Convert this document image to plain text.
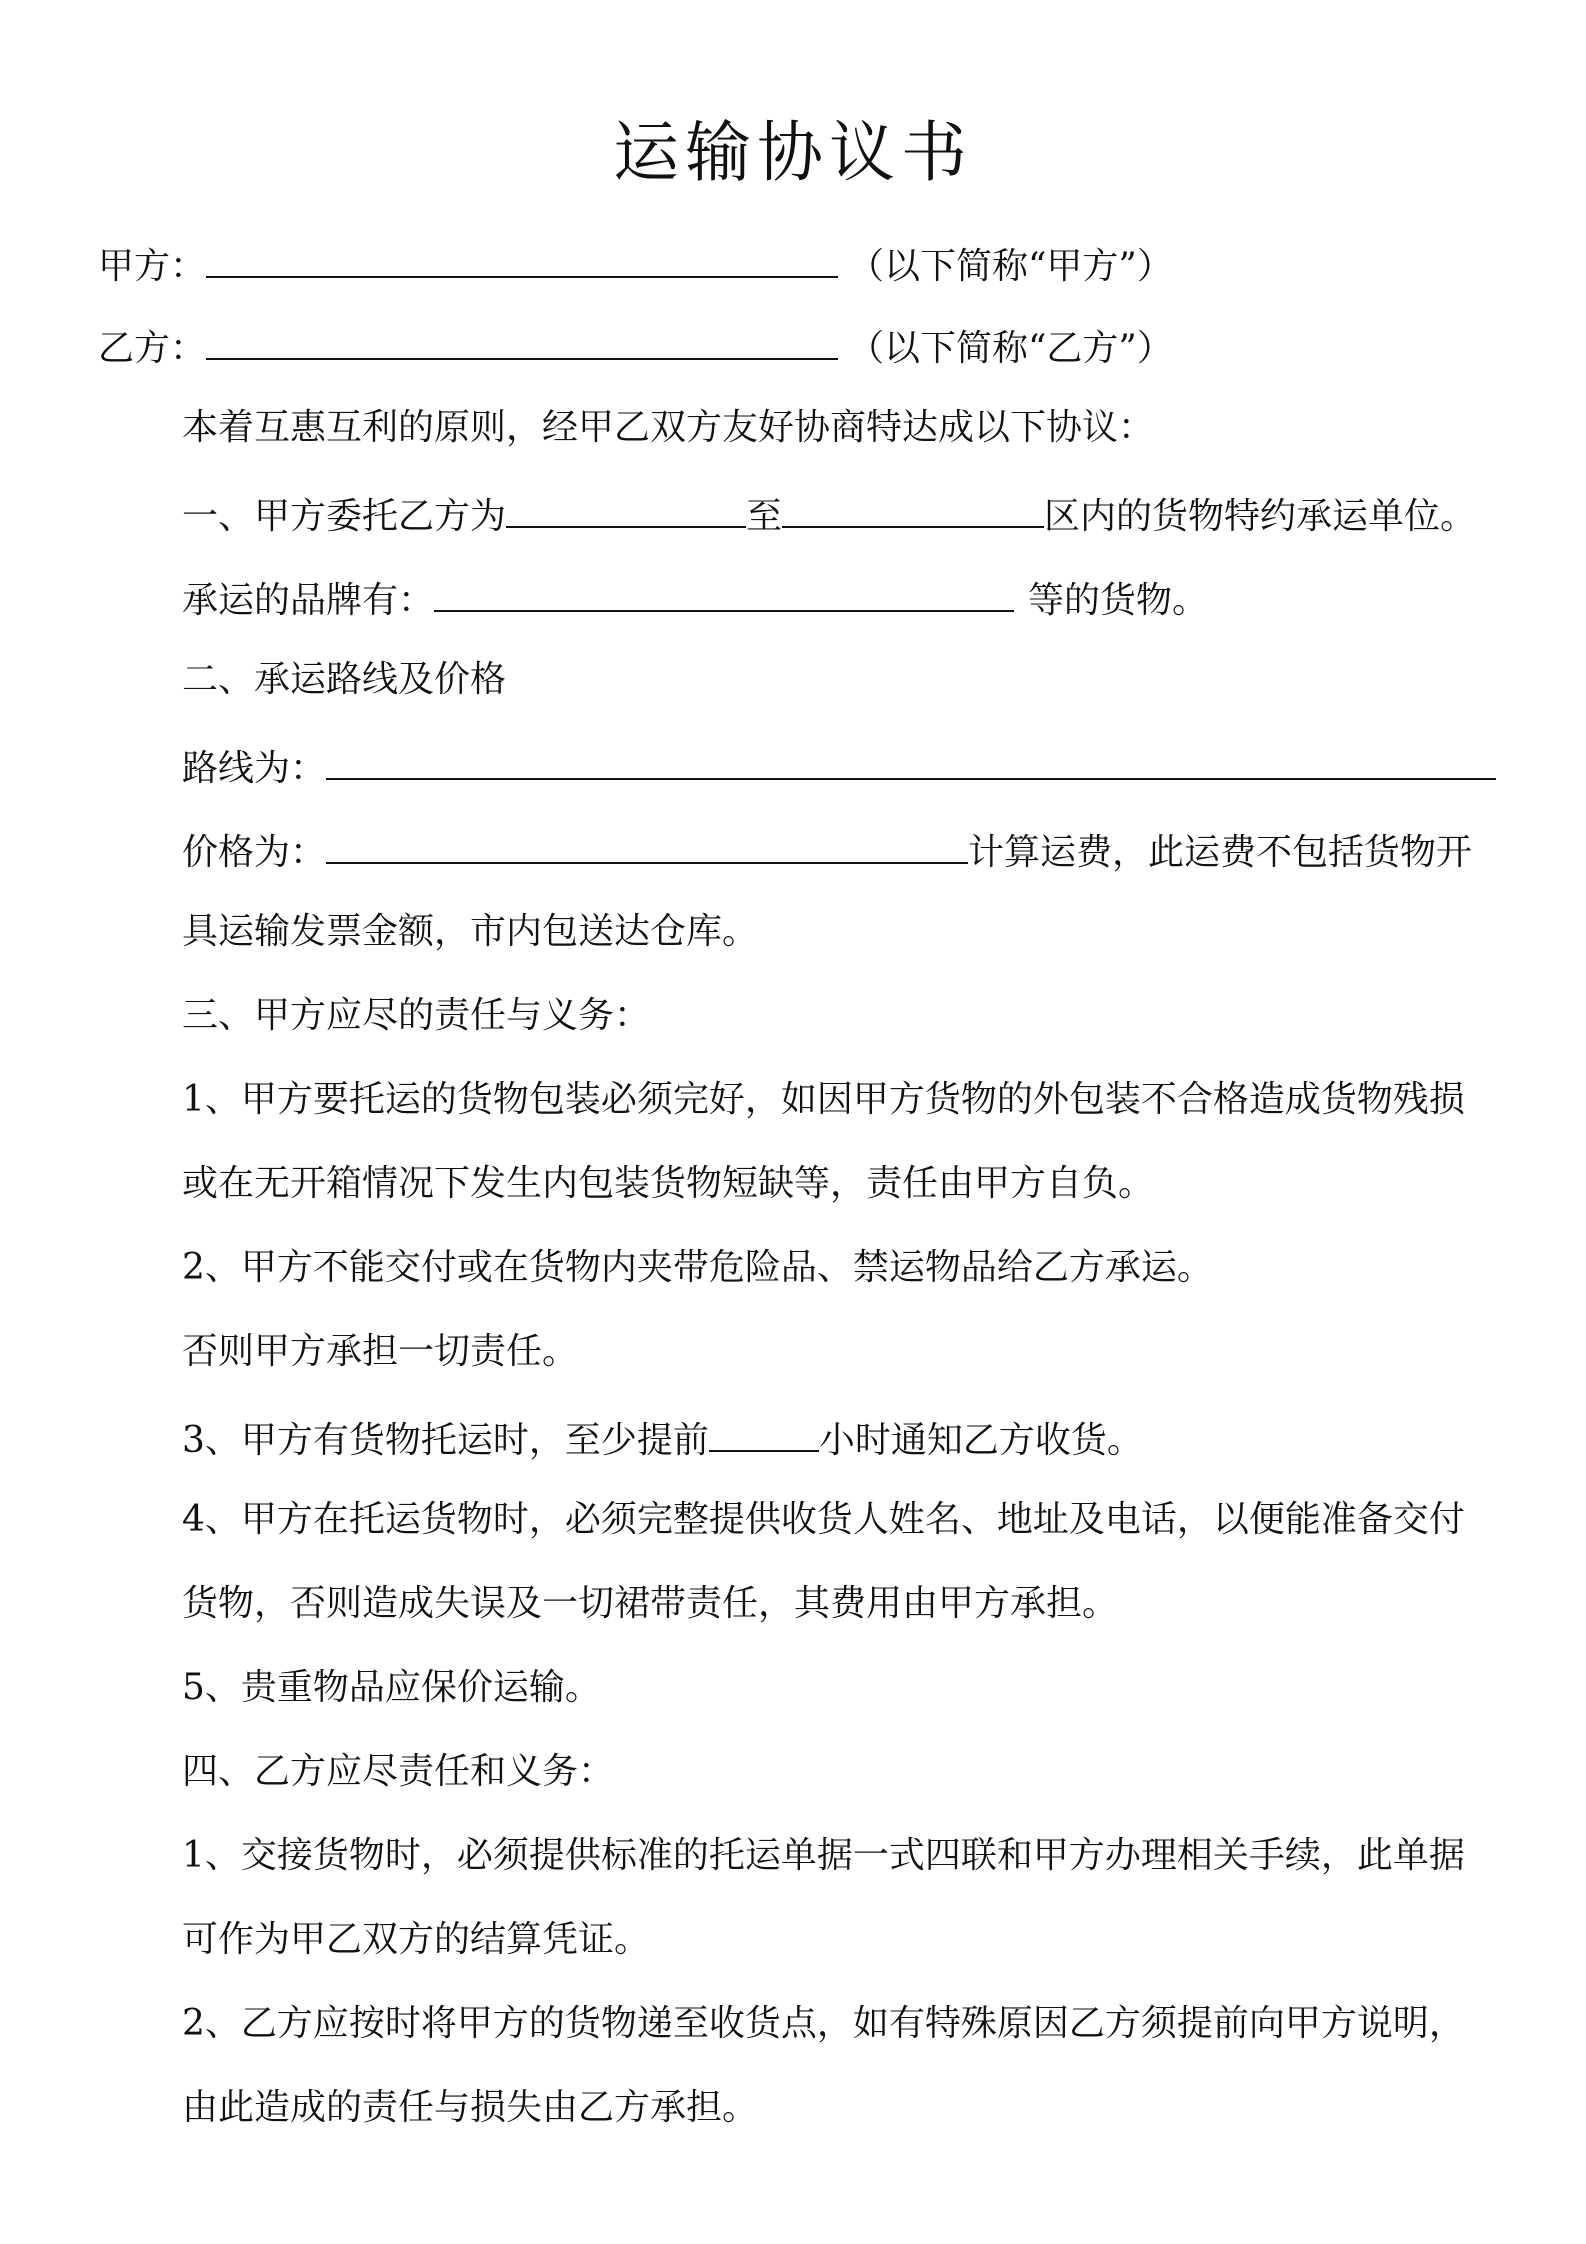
运输协议书
甲方：	（以下简称“甲方”）
乙方：	（以下简称“乙方”）
本着互惠互利的原则，经甲乙双方友好协商特达成以下协议：
一、甲方委托乙方为	至	区内的货物特约承运单位。
承运的品牌有：	等的货物。
二、承运路线及价格
路线为：
价格为：	计算运费，此运费不包括货物开
具运输发票金额，市内包送达仓库。
三、甲方应尽的责任与义务：
1、甲方要托运的货物包装必须完好，如因甲方货物的外包装不合格造成货物残损
或在无开箱情况下发生内包装货物短缺等，责任由甲方自负。
2、甲方不能交付或在货物内夹带危险品、禁运物品给乙方承运。
否则甲方承担一切责任。
3、甲方有货物托运时，至少提前	小时通知乙方收货。
4、甲方在托运货物时，必须完整提供收货人姓名、地址及电话，以便能准备交付
货物，否则造成失误及一切裙带责任，其费用由甲方承担。
5、贵重物品应保价运输。
四、乙方应尽责任和义务：
1、交接货物时，必须提供标准的托运单据一式四联和甲方办理相关手续，此单据
可作为甲乙双方的结算凭证。
2、乙方应按时将甲方的货物递至收货点，如有特殊原因乙方须提前向甲方说明，
由此造成的责任与损失由乙方承担。
